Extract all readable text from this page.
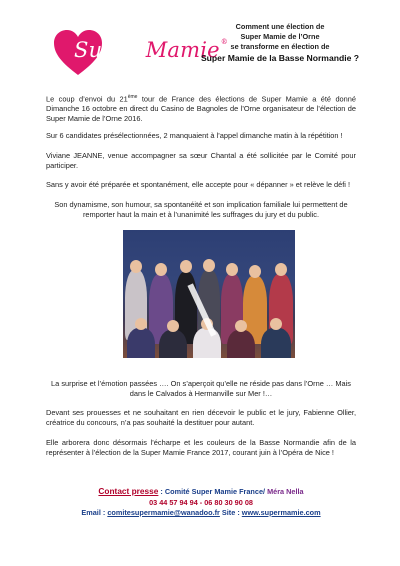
Super Mamie®
Comment une élection de
Super Mamie de l’Orne
se transforme en élection de
Super Mamie de la Basse Normandie ?
Le coup d’envoi du 21ème tour de France des élections de Super Mamie a été donné Dimanche 16 octobre en direct du Casino de Bagnoles de l’Orne organisateur de l’élection de Super Mamie de l’Orne 2016.
Sur 6 candidates présélectionnées, 2 manquaient à l’appel dimanche matin à la répétition !
Viviane JEANNE, venue accompagner sa sœur Chantal a été sollicitée par le Comité pour participer.
Sans y avoir été préparée et spontanément, elle accepte pour « dépanner » et relève le défi !
Son dynamisme, son humour, sa spontanéité et son implication familiale lui permettent de remporter haut la main et à l’unanimité les suffrages du jury et du public.
La surprise et l’émotion passées …. On s’aperçoit qu’elle ne réside pas dans l’Orne … Mais dans le Calvados à Hermanville sur Mer !…
Devant ses prouesses et ne souhaitant en rien décevoir le public et le jury, Fabienne Ollier, créatrice du concours, n’a pas souhaité la destituer pour autant.
Elle arborera donc désormais l’écharpe et les couleurs de la Basse Normandie afin de la représenter à l’élection de la Super Mamie France 2017, courant juin à l’Opéra de Nice !
Contact presse : Comité Super Mamie France/ Méra Nella
03 44 57 94 94 - 06 80 30 90 08
Email : comitesupermamie@wanadoo.fr Site : www.supermamie.com
